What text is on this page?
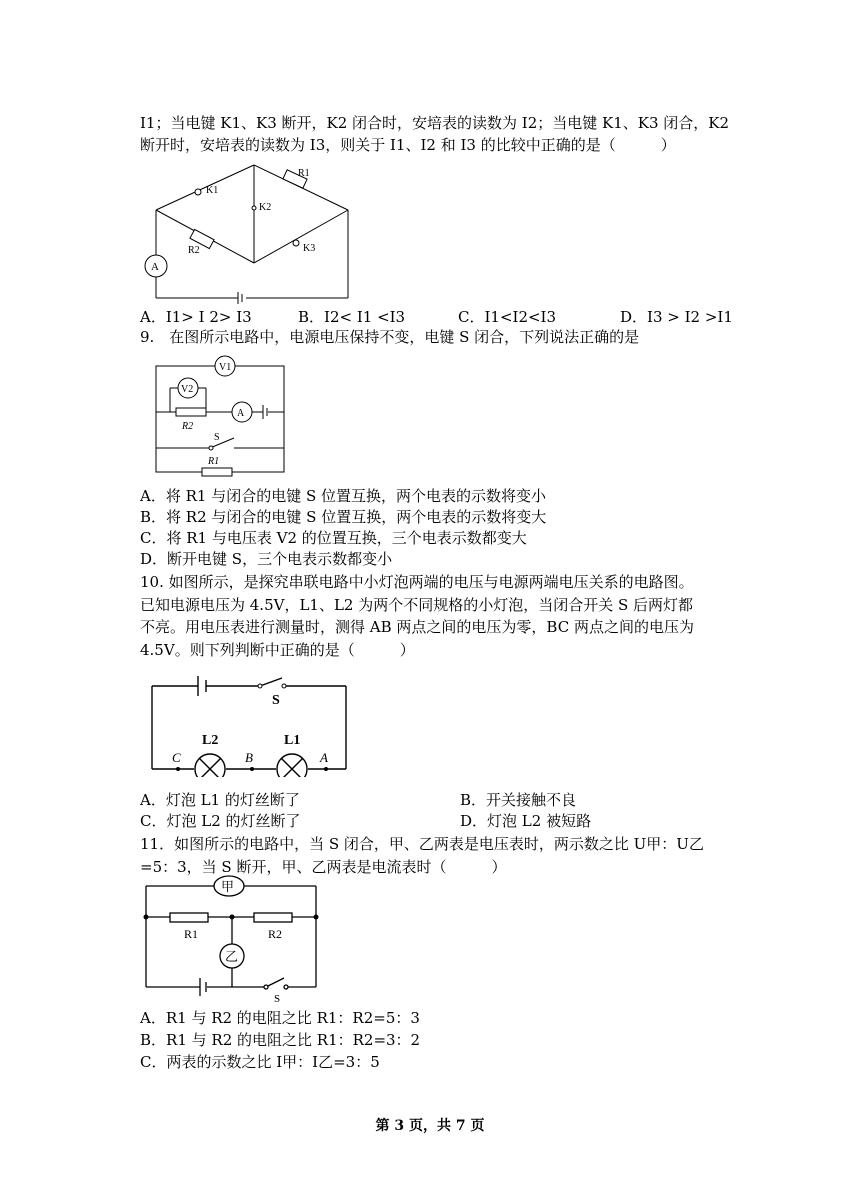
I1；当电键 K1、K3 断开，K2 闭合时，安培表的读数为 I2；当电键 K1、K3 闭合，K2
断开时，安培表的读数为 I3，则关于 I1、I2 和 I3 的比较中正确的是（　　　）
A
K1
R1
K2
R2	K3
A．I1> I 2> I3	B．I2< I1 <I3	C．I1<I2<I3	D．I3 > I2 >I1
9.　在图所示电路中，电源电压保持不变，电键 S 闭合，下列说法正确的是
V1
V2
A
R2
S
R1
A．将 R1 与闭合的电键 S 位置互换，两个电表的示数将变小
B．将 R2 与闭合的电键 S 位置互换，两个电表的示数将变大
C．将 R1 与电压表 V2 的位置互换，三个电表示数都变大
D．断开电键 S，三个电表示数都变小
10. 如图所示，是探究串联电路中小灯泡两端的电压与电源两端电压关系的电路图。
已知电源电压为 4.5V，L1、L2 为两个不同规格的小灯泡，当闭合开关 S 后两灯都
不亮。用电压表进行测量时，测得 AB 两点之间的电压为零，BC 两点之间的电压为
4.5V。则下列判断中正确的是（　　　）
S
L2	L1
C	B	A
A．灯泡 L1 的灯丝断了	B．开关接触不良
C．灯泡 L2 的灯丝断了	D．灯泡 L2 被短路
11．如图所示的电路中，当 S 闭合，甲、乙两表是电压表时，两示数之比 U甲：U乙
=5：3，当 S 断开，甲、乙两表是电流表时（　　　）
甲
R1	R2
乙
S
A．R1 与 R2 的电阻之比 R1：R2=5：3
B．R1 与 R2 的电阻之比 R1：R2=3：2
C．两表的示数之比 I甲：I乙=3：5
第 3 页，共 7 页
